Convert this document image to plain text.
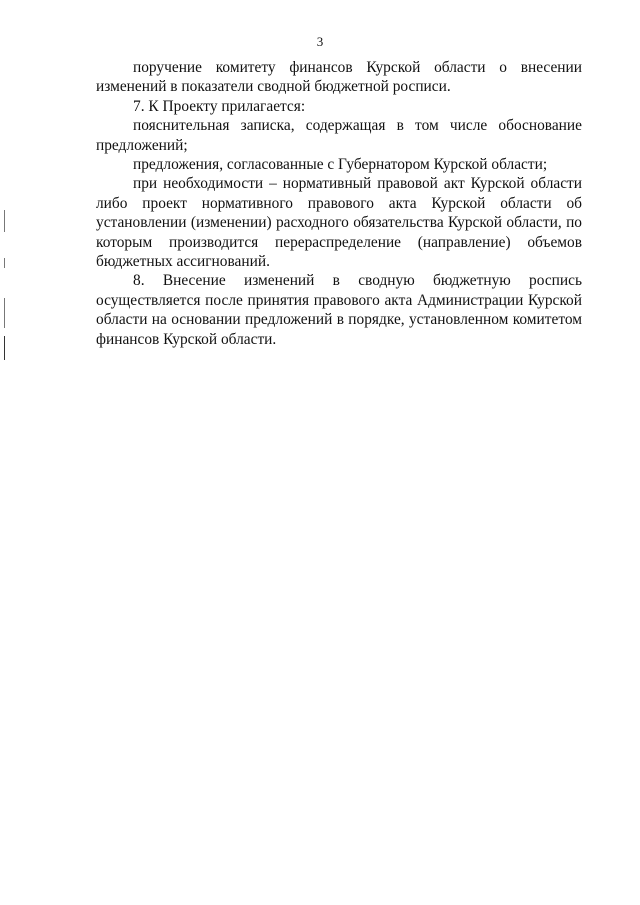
3

поручение комитету финансов Курской области о внесении изменений в показатели сводной бюджетной росписи.

7. К Проекту прилагается:

пояснительная записка, содержащая в том числе обоснование предложений;

предложения, согласованные с Губернатором Курской области;

при необходимости – нормативный правовой акт Курской области либо проект нормативного правового акта Курской области об установлении (изменении) расходного обязательства Курской области, по которым производится перераспределение (направление) объемов бюджетных ассигнований.

8. Внесение изменений в сводную бюджетную роспись осуществляется после принятия правового акта Администрации Курской области на основании предложений в порядке, установленном комитетом финансов Курской области.
